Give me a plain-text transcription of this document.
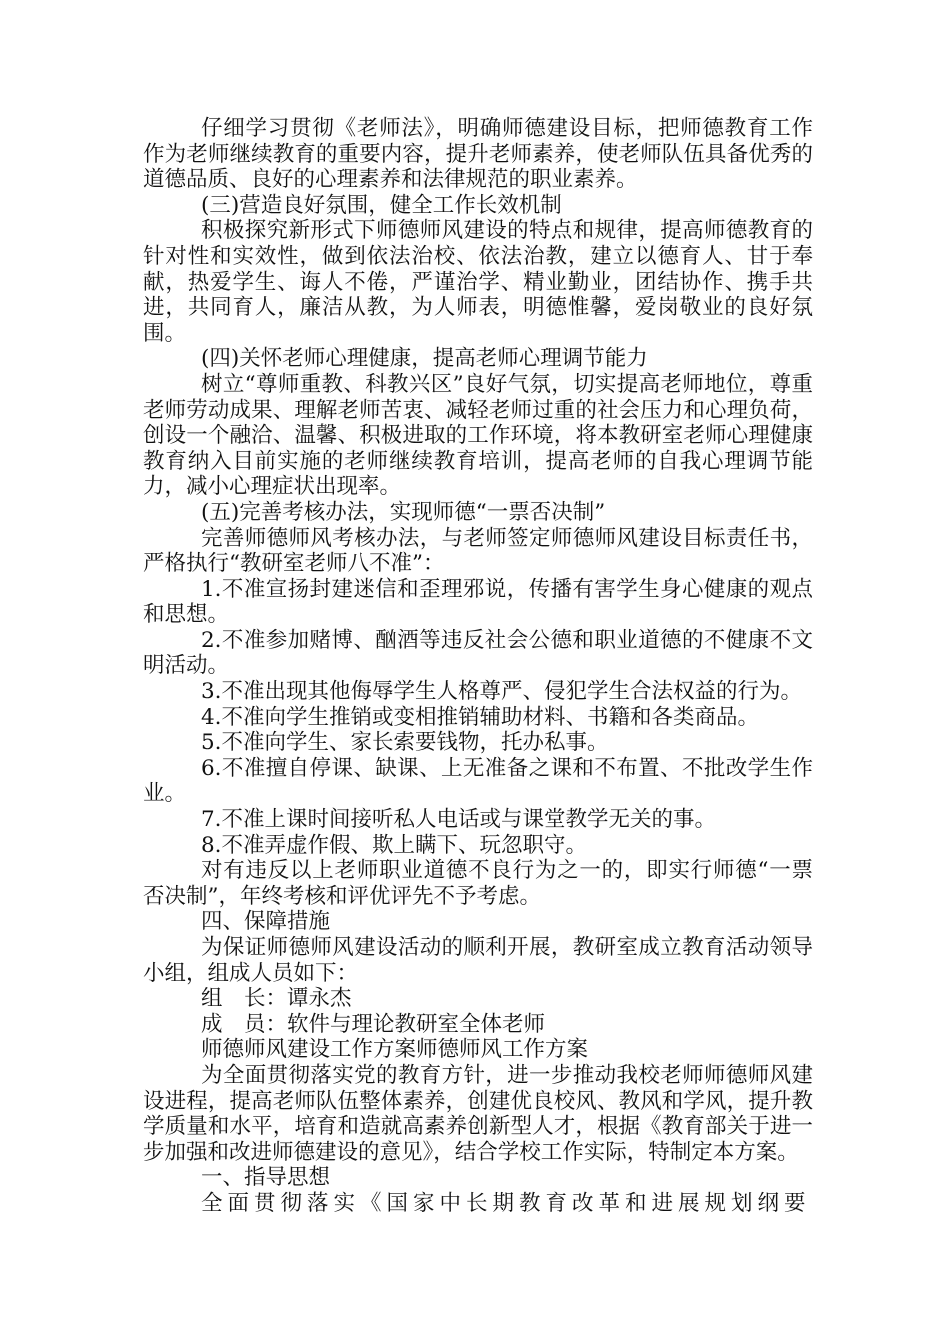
仔细学习贯彻《老师法》，明确师德建设目标，把师德教育工作作为老师继续教育的重要内容，提升老师素养，使老师队伍具备优秀的道德品质、良好的心理素养和法律规范的职业素养。

(三)营造良好氛围，健全工作长效机制

积极探究新形式下师德师风建设的特点和规律，提高师德教育的针对性和实效性，做到依法治校、依法治教，建立以德育人、甘于奉献，热爱学生、诲人不倦，严谨治学、精业勤业，团结协作、携手共进，共同育人，廉洁从教，为人师表，明德惟馨，爱岗敬业的良好氛围。

(四)关怀老师心理健康，提高老师心理调节能力

树立“尊师重教、科教兴区”良好气氛，切实提高老师地位，尊重老师劳动成果、理解老师苦衷、减轻老师过重的社会压力和心理负荷，创设一个融洽、温馨、积极进取的工作环境，将本教研室老师心理健康教育纳入目前实施的老师继续教育培训，提高老师的自我心理调节能力，减小心理症状出现率。

(五)完善考核办法，实现师德“一票否决制”

完善师德师风考核办法，与老师签定师德师风建设目标责任书，严格执行“教研室老师八不准”：

1.不准宣扬封建迷信和歪理邪说，传播有害学生身心健康的观点和思想。

2.不准参加赌博、酗酒等违反社会公德和职业道德的不健康不文明活动。

3.不准出现其他侮辱学生人格尊严、侵犯学生合法权益的行为。

4.不准向学生推销或变相推销辅助材料、书籍和各类商品。

5.不准向学生、家长索要钱物，托办私事。

6.不准擅自停课、缺课、上无准备之课和不布置、不批改学生作业。

7.不准上课时间接听私人电话或与课堂教学无关的事。

8.不准弄虚作假、欺上瞒下、玩忽职守。

对有违反以上老师职业道德不良行为之一的，即实行师德“一票否决制”，年终考核和评优评先不予考虑。

四、保障措施

为保证师德师风建设活动的顺利开展，教研室成立教育活动领导小组，组成人员如下：

组　长：谭永杰

成　员：软件与理论教研室全体老师

师德师风建设工作方案师德师风工作方案

为全面贯彻落实党的教育方针，进一步推动我校老师师德师风建设进程，提高老师队伍整体素养，创建优良校风、教风和学风，提升教学质量和水平，培育和造就高素养创新型人才，根据《教育部关于进一步加强和改进师德建设的意见》，结合学校工作实际，特制定本方案。

一、指导思想

全面贯彻落实《国家中长期教育改革和进展规划纲要
